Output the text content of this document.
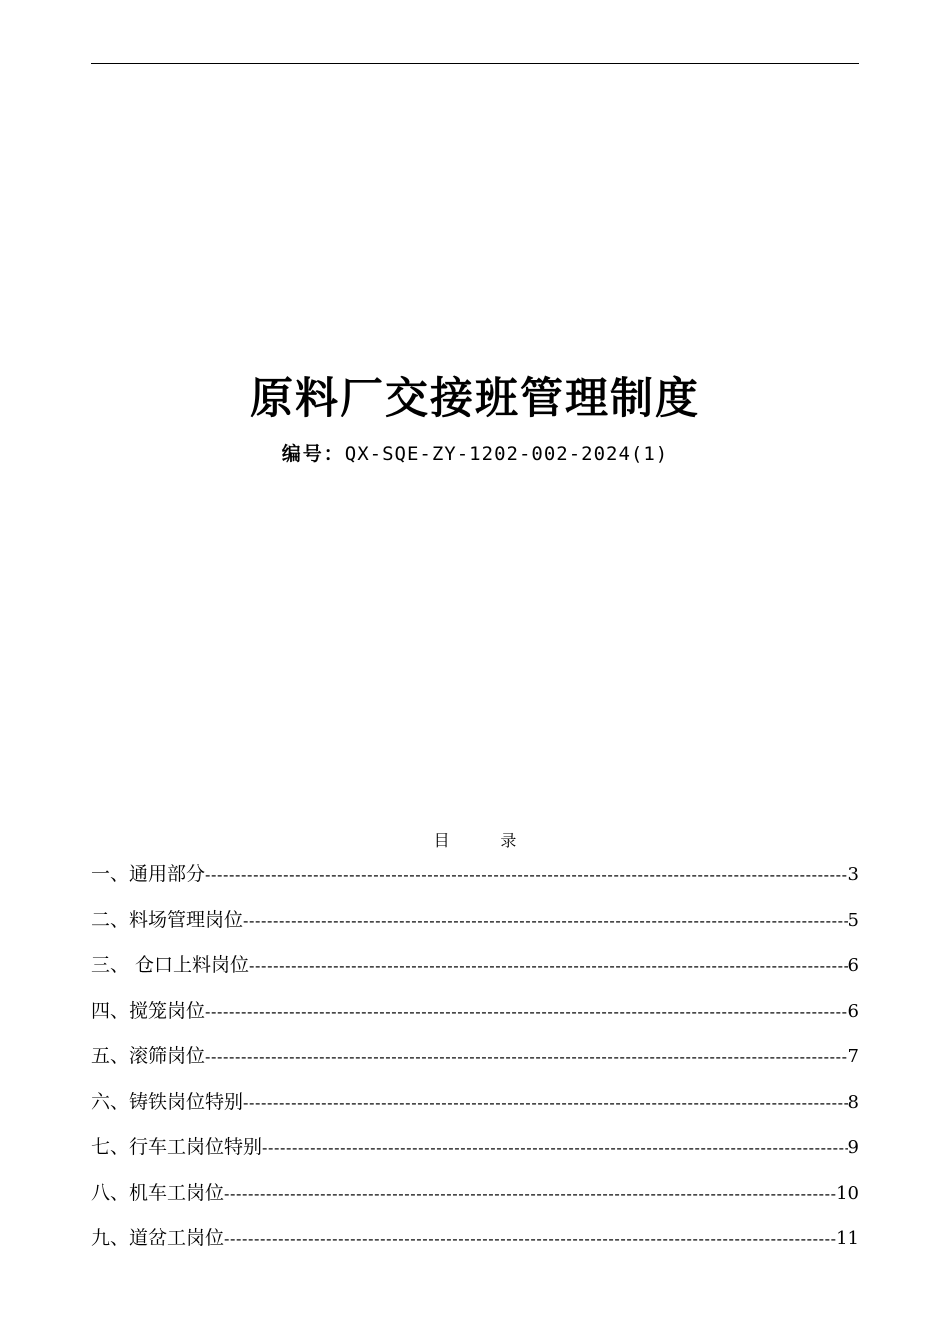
原料厂交接班管理制度
编号：QX-SQE-ZY-1202-002-2024(1)
目          录
一、通用部分 -----	3
二、料场管理岗位 -----	5
三、 仓口上料岗位 -----	6
四、搅笼岗位 -----	6
五、滚筛岗位 -----	7
六、铸铁岗位特别 -----	8
七、行车工岗位特别 -----	9
八、机车工岗位 -----	10
九、道岔工岗位 -----	11
